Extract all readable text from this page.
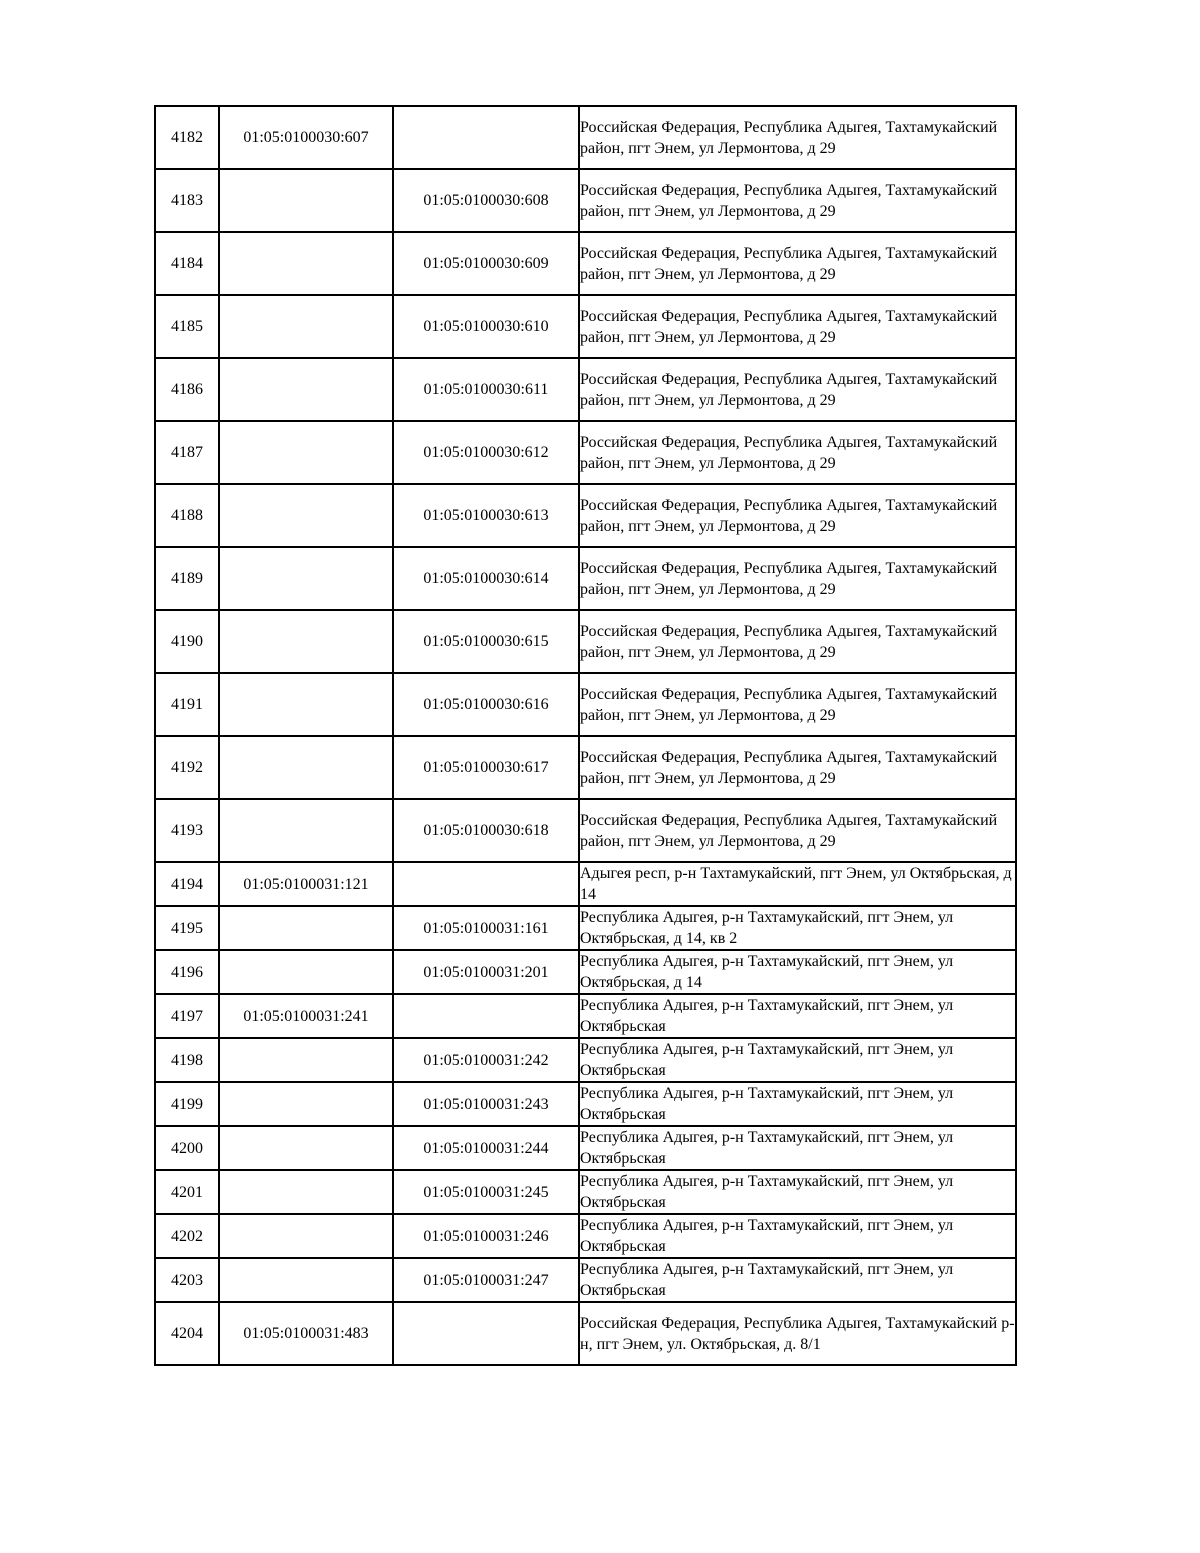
4182	01:05:0100030:607		Российская Федерация, Республика Адыгея, Тахтамукайский район, пгт Энем, ул Лермонтова, д 29
4183		01:05:0100030:608	Российская Федерация, Республика Адыгея, Тахтамукайский район, пгт Энем, ул Лермонтова, д 29
4184		01:05:0100030:609	Российская Федерация, Республика Адыгея, Тахтамукайский район, пгт Энем, ул Лермонтова, д 29
4185		01:05:0100030:610	Российская Федерация, Республика Адыгея, Тахтамукайский район, пгт Энем, ул Лермонтова, д 29
4186		01:05:0100030:611	Российская Федерация, Республика Адыгея, Тахтамукайский район, пгт Энем, ул Лермонтова, д 29
4187		01:05:0100030:612	Российская Федерация, Республика Адыгея, Тахтамукайский район, пгт Энем, ул Лермонтова, д 29
4188		01:05:0100030:613	Российская Федерация, Республика Адыгея, Тахтамукайский район, пгт Энем, ул Лермонтова, д 29
4189		01:05:0100030:614	Российская Федерация, Республика Адыгея, Тахтамукайский район, пгт Энем, ул Лермонтова, д 29
4190		01:05:0100030:615	Российская Федерация, Республика Адыгея, Тахтамукайский район, пгт Энем, ул Лермонтова, д 29
4191		01:05:0100030:616	Российская Федерация, Республика Адыгея, Тахтамукайский район, пгт Энем, ул Лермонтова, д 29
4192		01:05:0100030:617	Российская Федерация, Республика Адыгея, Тахтамукайский район, пгт Энем, ул Лермонтова, д 29
4193		01:05:0100030:618	Российская Федерация, Республика Адыгея, Тахтамукайский район, пгт Энем, ул Лермонтова, д 29
4194	01:05:0100031:121		Адыгея респ, р-н Тахтамукайский, пгт Энем, ул Октябрьская, д 14
4195		01:05:0100031:161	Республика Адыгея, р-н Тахтамукайский, пгт Энем, ул Октябрьская, д 14, кв 2
4196		01:05:0100031:201	Республика Адыгея, р-н Тахтамукайский, пгт Энем, ул Октябрьская, д 14
4197	01:05:0100031:241		Республика Адыгея, р-н Тахтамукайский, пгт Энем, ул Октябрьская
4198		01:05:0100031:242	Республика Адыгея, р-н Тахтамукайский, пгт Энем, ул Октябрьская
4199		01:05:0100031:243	Республика Адыгея, р-н Тахтамукайский, пгт Энем, ул Октябрьская
4200		01:05:0100031:244	Республика Адыгея, р-н Тахтамукайский, пгт Энем, ул Октябрьская
4201		01:05:0100031:245	Республика Адыгея, р-н Тахтамукайский, пгт Энем, ул Октябрьская
4202		01:05:0100031:246	Республика Адыгея, р-н Тахтамукайский, пгт Энем, ул Октябрьская
4203		01:05:0100031:247	Республика Адыгея, р-н Тахтамукайский, пгт Энем, ул Октябрьская
4204	01:05:0100031:483		Российская Федерация, Республика Адыгея, Тахтамукайский р-н, пгт Энем, ул. Октябрьская, д. 8/1
